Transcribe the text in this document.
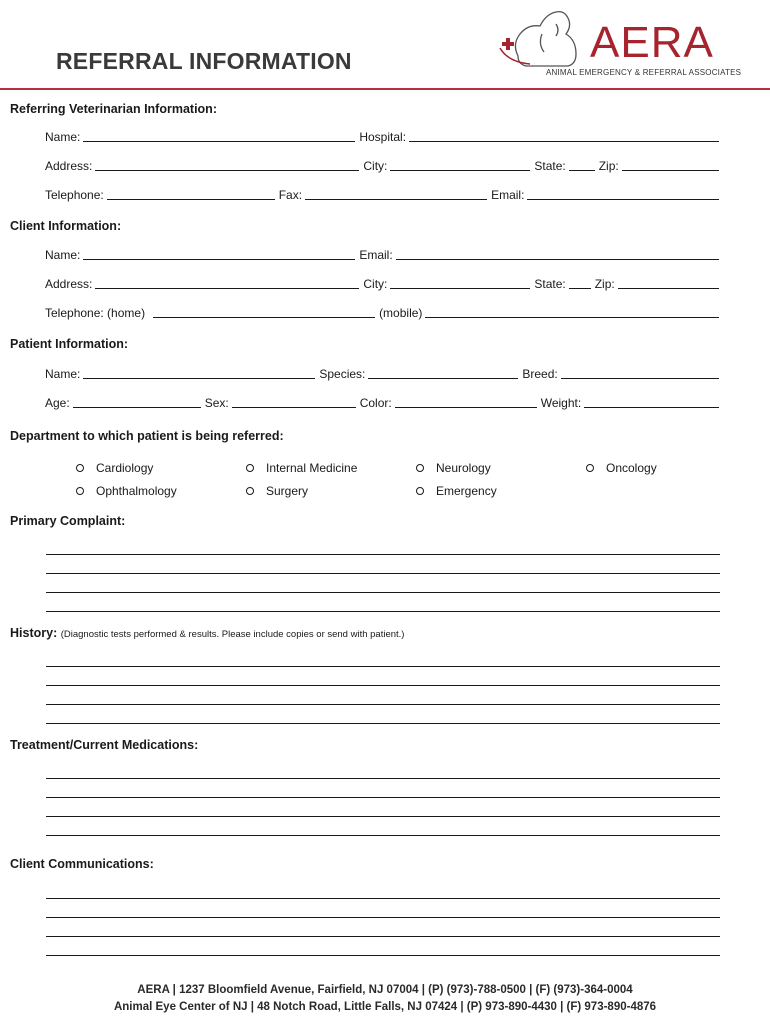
REFERRAL INFORMATION	AERA
ANIMAL EMERGENCY & REFERRAL ASSOCIATES
Referring Veterinarian Information:
Name:	Hospital:
Address:	City:	State:	Zip:
Telephone:	Fax:	Email:
Client Information:
Name:	Email:
Address:	City:	State: Zip:
Telephone: (home)	(mobile)
Patient Information:
Name:	Species:	Breed:
Age:	Sex:	Color:	Weight:
Department to which patient is being referred:
Cardiology	Internal Medicine	Neurology	Oncology
Ophthalmology	Surgery	Emergency
Primary Complaint:
History: (Diagnostic tests performed & results. Please include copies or send with patient.)
Treatment/Current Medications:
Client Communications:
AERA | 1237 Bloomfield Avenue, Fairfield, NJ 07004 | (P) (973)-788-0500 | (F) (973)-364-0004
Animal Eye Center of NJ | 48 Notch Road, Little Falls, NJ 07424 | (P) 973-890-4430 | (F) 973-890-4876
